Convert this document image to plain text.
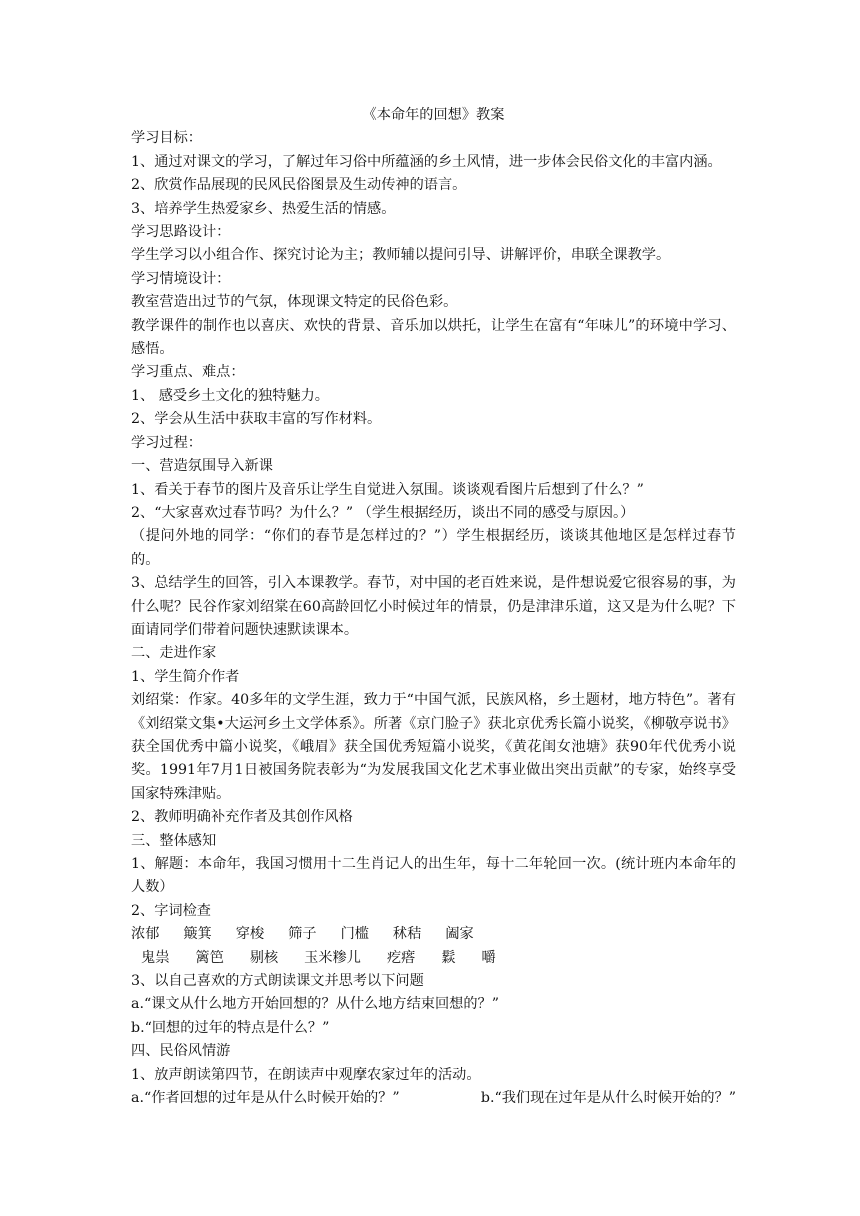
《本命年的回想》教案
学习目标：
1、通过对课文的学习，了解过年习俗中所蕴涵的乡土风情，进一步体会民俗文化的丰富内涵。
2、欣赏作品展现的民风民俗图景及生动传神的语言。
3、培养学生热爱家乡、热爱生活的情感。
学习思路设计：
学生学习以小组合作、探究讨论为主；教师辅以提问引导、讲解评价，串联全课教学。
学习情境设计：
教室营造出过节的气氛，体现课文特定的民俗色彩。
教学课件的制作也以喜庆、欢快的背景、音乐加以烘托，让学生在富有“年味儿”的环境中学习、感悟。
学习重点、难点：
1、 感受乡土文化的独特魅力。
2、学会从生活中获取丰富的写作材料。
学习过程：
一、营造氛围导入新课
1、看关于春节的图片及音乐让学生自觉进入氛围。谈谈观看图片后想到了什么？”
2、“大家喜欢过春节吗？为什么？” （学生根据经历，谈出不同的感受与原因。）
（提问外地的同学：“你们的春节是怎样过的？”）学生根据经历，谈谈其他地区是怎样过春节的。
3、总结学生的回答，引入本课教学。春节，对中国的老百姓来说，是件想说爱它很容易的事，为什么呢？民谷作家刘绍棠在60高龄回忆小时候过年的情景，仍是津津乐道，这又是为什么呢？下面请同学们带着问题快速默读课本。
二、走进作家
1、学生简介作者
刘绍棠：作家。40多年的文学生涯，致力于“中国气派，民族风格，乡土题材，地方特色”。著有《刘绍棠文集•大运河乡土文学体系》。所著《京门脸子》获北京优秀长篇小说奖，《柳敬亭说书》获全国优秀中篇小说奖，《峨眉》获全国优秀短篇小说奖，《黄花闺女池塘》获90年代优秀小说奖。1991年7月1日被国务院表彰为“为发展我国文化艺术事业做出突出贡献”的专家，始终享受国家特殊津贴。
2、教师明确补充作者及其创作风格
三、整体感知
1、解题：本命年，我国习惯用十二生肖记人的出生年，每十二年轮回一次。(统计班内本命年的人数）
2、字词检查
浓郁 簸箕 穿梭 筛子 门槛 秫秸 阖家
鬼祟 篱笆 剔核 玉米糁儿 疙瘩 鬏 嚼
3、以自己喜欢的方式朗读课文并思考以下问题
a.“课文从什么地方开始回想的？从什么地方结束回想的？”
b.“回想的过年的特点是什么？”
四、民俗风情游
1、放声朗读第四节，在朗读声中观摩农家过年的活动。
a.“作者回想的过年是从什么时候开始的？”	b.“我们现在过年是从什么时候开始的？”
